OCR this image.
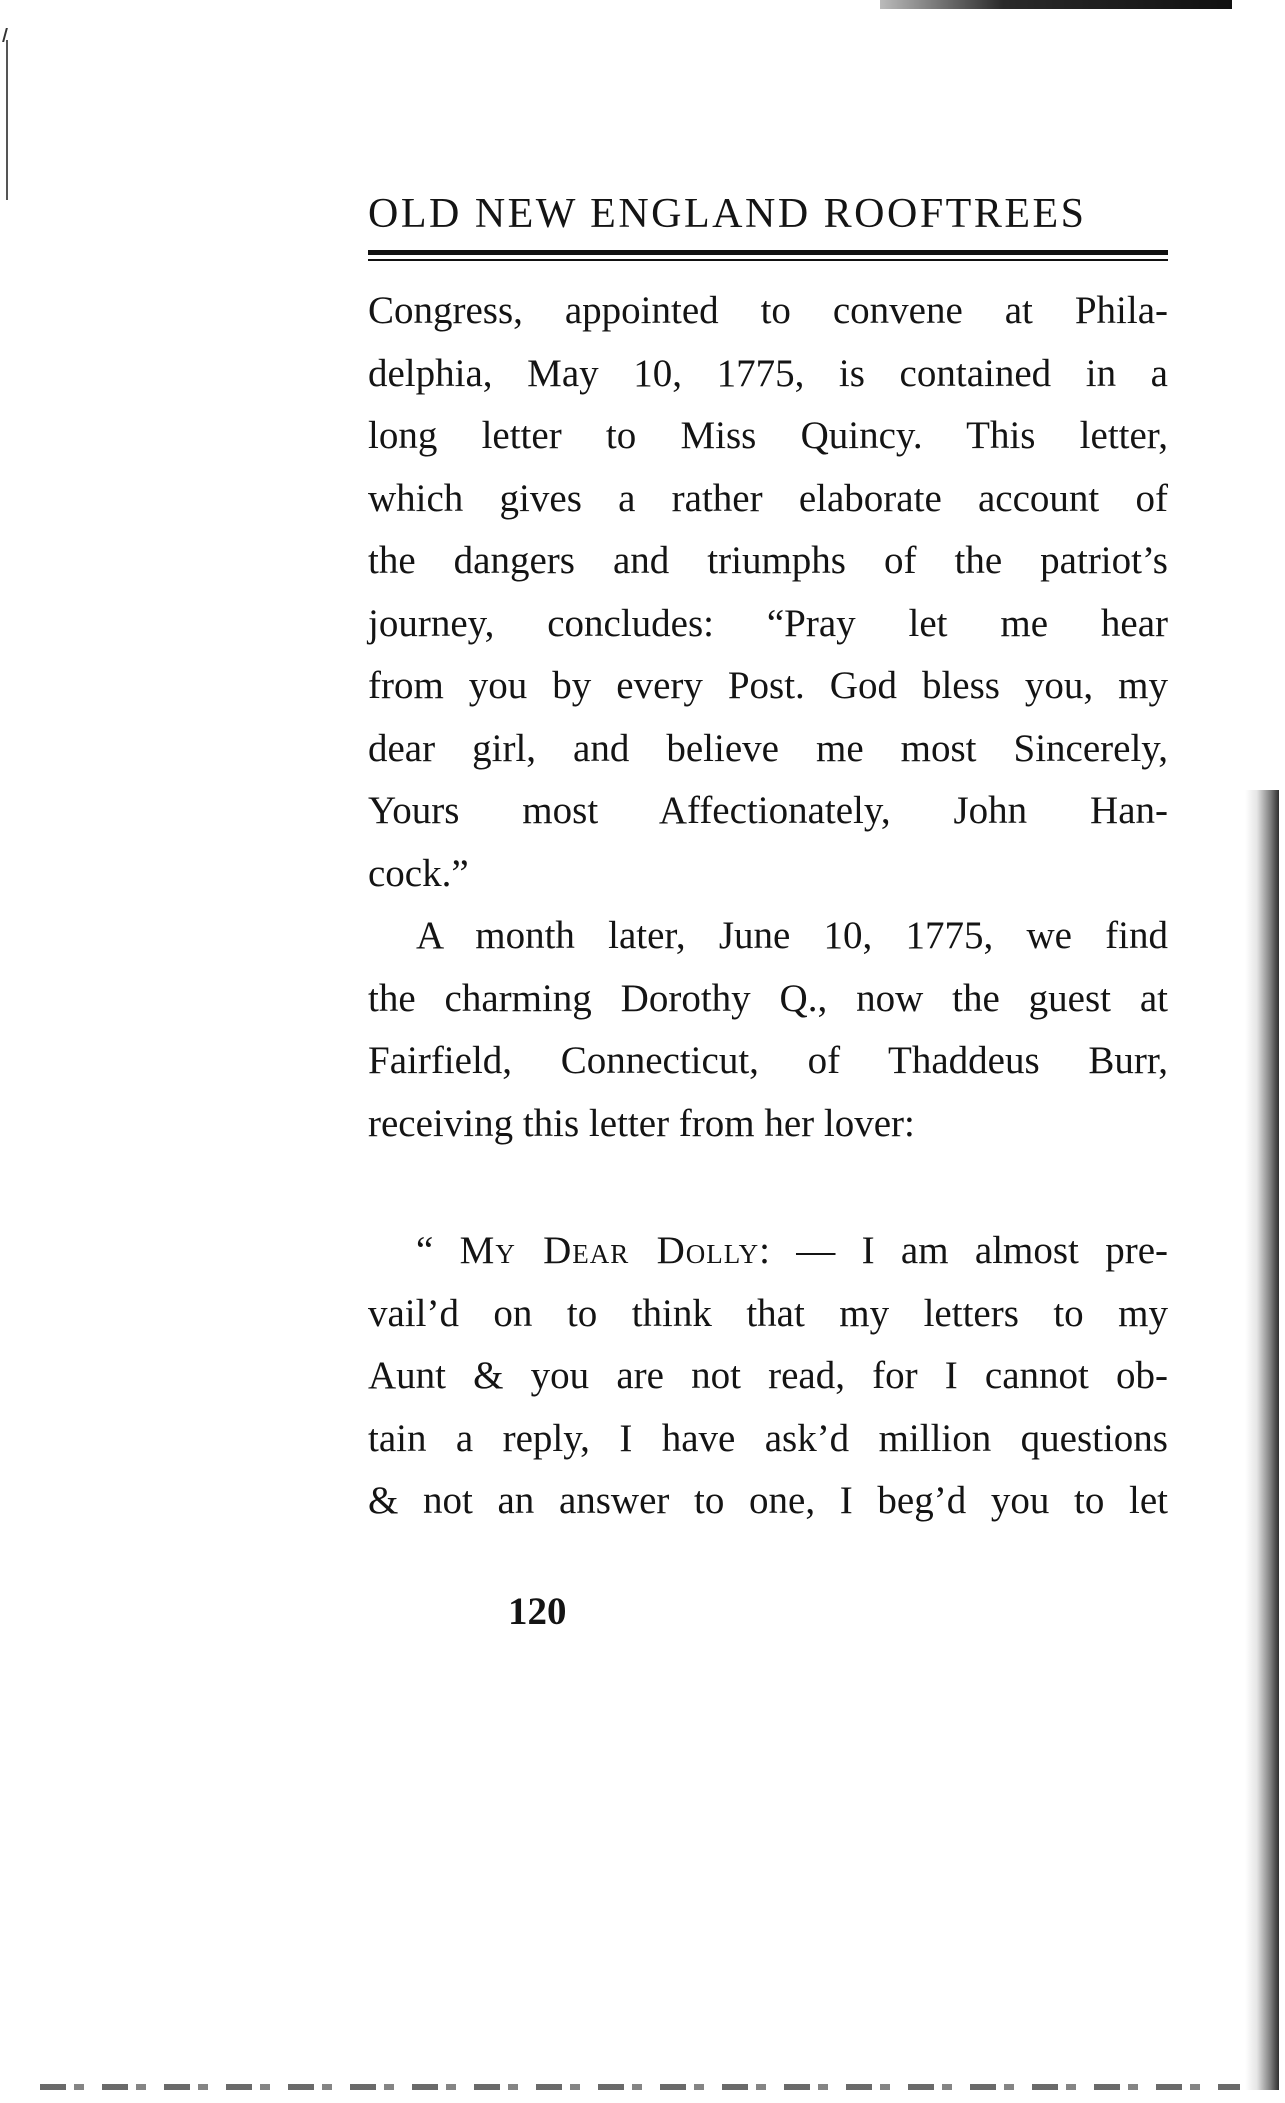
OLD NEW ENGLAND ROOFTREES
Congress, appointed to convene at Phila-
delphia, May 10, 1775, is contained in a
long letter to Miss Quincy. This letter,
which gives a rather elaborate account of
the dangers and triumphs of the patriot’s
journey, concludes: “Pray let me hear
from you by every Post. God bless you, my
dear girl, and believe me most Sincerely,
Yours most Affectionately, John Han-
cock.”
A month later, June 10, 1775, we find
the charming Dorothy Q., now the guest at
Fairfield, Connecticut, of Thaddeus Burr,
receiving this letter from her lover:
“ My Dear Dolly: — I am almost pre-
vail’d on to think that my letters to my
Aunt & you are not read, for I cannot ob-
tain a reply, I have ask’d million questions
& not an answer to one, I beg’d you to let
120
